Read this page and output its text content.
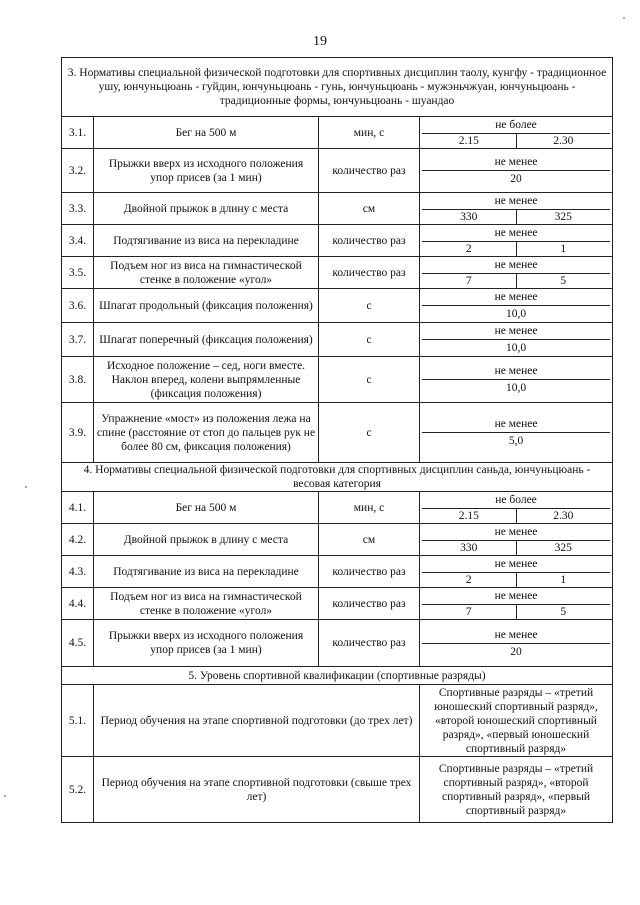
19
3. Нормативы специальной физической подготовки для спортивных дисциплин таолу, кунгфу - традиционное ушу, юнчуньцюань - гуйдин, юнчуньцюань - гунь, юнчуньцюань - мужэньчжуан, юнчуньцюань - традиционные формы, юнчуньцюань - шуандао			
3.1.	Бег на 500 м	мин, с	не более
2.15 2.30

3.2.	Прыжки вверх из исходного положения упор присев (за 1 мин)	количество раз	не менее
20

3.3.	Двойной прыжок в длину с места	см	не менее
330 325

3.4.	Подтягивание из виса на перекладине	количество раз	не менее
2 1

3.5.	Подъем ног из виса на гимнастической стенке в положение «угол»	количество раз	не менее
7 5

3.6.	Шпагат продольный (фиксация положения)	с	не менее
10,0

3.7.	Шпагат поперечный (фиксация положения)	с	не менее
10,0

3.8.	Исходное положение – сед, ноги вместе. Наклон вперед, колени выпрямленные (фиксация положения)	с	не менее
10,0

3.9.	Упражнение «мост» из положения лежа на спине (расстояние от стоп до пальцев рук не более 80 см, фиксация положения)	с	не менее
5,0

4. Нормативы специальной физической подготовки для спортивных дисциплин саньда, юнчуньцюань - весовая категория			
4.1.	Бег на 500 м	мин, с	не более
2.15 2.30

4.2.	Двойной прыжок в длину с места	см	не менее
330 325

4.3.	Подтягивание из виса на перекладине	количество раз	не менее
2 1

4.4.	Подъем ног из виса на гимнастической стенке в положение «угол»	количество раз	не менее
7 5

4.5.	Прыжки вверх из исходного положения упор присев (за 1 мин)	количество раз	не менее
20

5. Уровень спортивной квалификации (спортивные разряды)			
5.1.	Период обучения на этапе спортивной подготовки (до трех лет)		Спортивные разряды – «третий юношеский спортивный разряд», «второй юношеский спортивный разряд», «первый юношеский спортивный разряд»
5.2.	Период обучения на этапе спортивной подготовки (свыше трех лет)		Спортивные разряды – «третий спортивный разряд», «второй спортивный разряд», «первый спортивный разряд»
